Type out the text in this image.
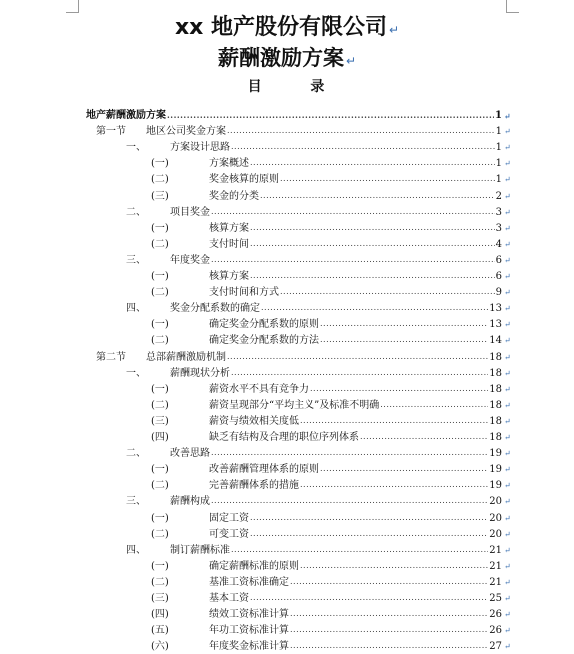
xx 地产股份有限公司 ↵
薪酬激励方案 ↵
目 录
地产薪酬激励方案 .....	1 ↵
第一节	地区公司奖金方案 .....	1 ↵
一、	方案设计思路 .....	1 ↵
(一)	方案概述 .....	1 ↵
(二)	奖金核算的原则 .....	1 ↵
(三)	奖金的分类 .....	2 ↵
二、	项目奖金 .....	3 ↵
(一)	核算方案 .....	3 ↵
(二)	支付时间 .....	4 ↵
三、	年度奖金 .....	6 ↵
(一)	核算方案 .....	6 ↵
(二)	支付时间和方式 .....	9 ↵
四、	奖金分配系数的确定 .....	13 ↵
(一)	确定奖金分配系数的原则 .....	13 ↵
(二)	确定奖金分配系数的方法 .....	14 ↵
第二节	总部薪酬激励机制 .....	18 ↵
一、	薪酬现状分析 .....	18 ↵
(一)	薪资水平不具有竞争力 .....	18 ↵
(二)	薪资呈现部分“平均主义”及标准不明确 .....	18 ↵
(三)	薪资与绩效相关度低 .....	18 ↵
(四)	缺乏有结构及合理的职位序列体系 .....	18 ↵
二、	改善思路 .....	19 ↵
(一)	改善薪酬管理体系的原则 .....	19 ↵
(二)	完善薪酬体系的措施 .....	19 ↵
三、	薪酬构成 .....	20 ↵
(一)	固定工资 .....	20 ↵
(二)	可变工资 .....	20 ↵
四、	制订薪酬标准 .....	21 ↵
(一)	确定薪酬标准的原则 .....	21 ↵
(二)	基准工资标准确定 .....	21 ↵
(三)	基本工资 .....	25 ↵
(四)	绩效工资标准计算 .....	26 ↵
(五)	年功工资标准计算 .....	26 ↵
(六)	年度奖金标准计算 .....	27 ↵
